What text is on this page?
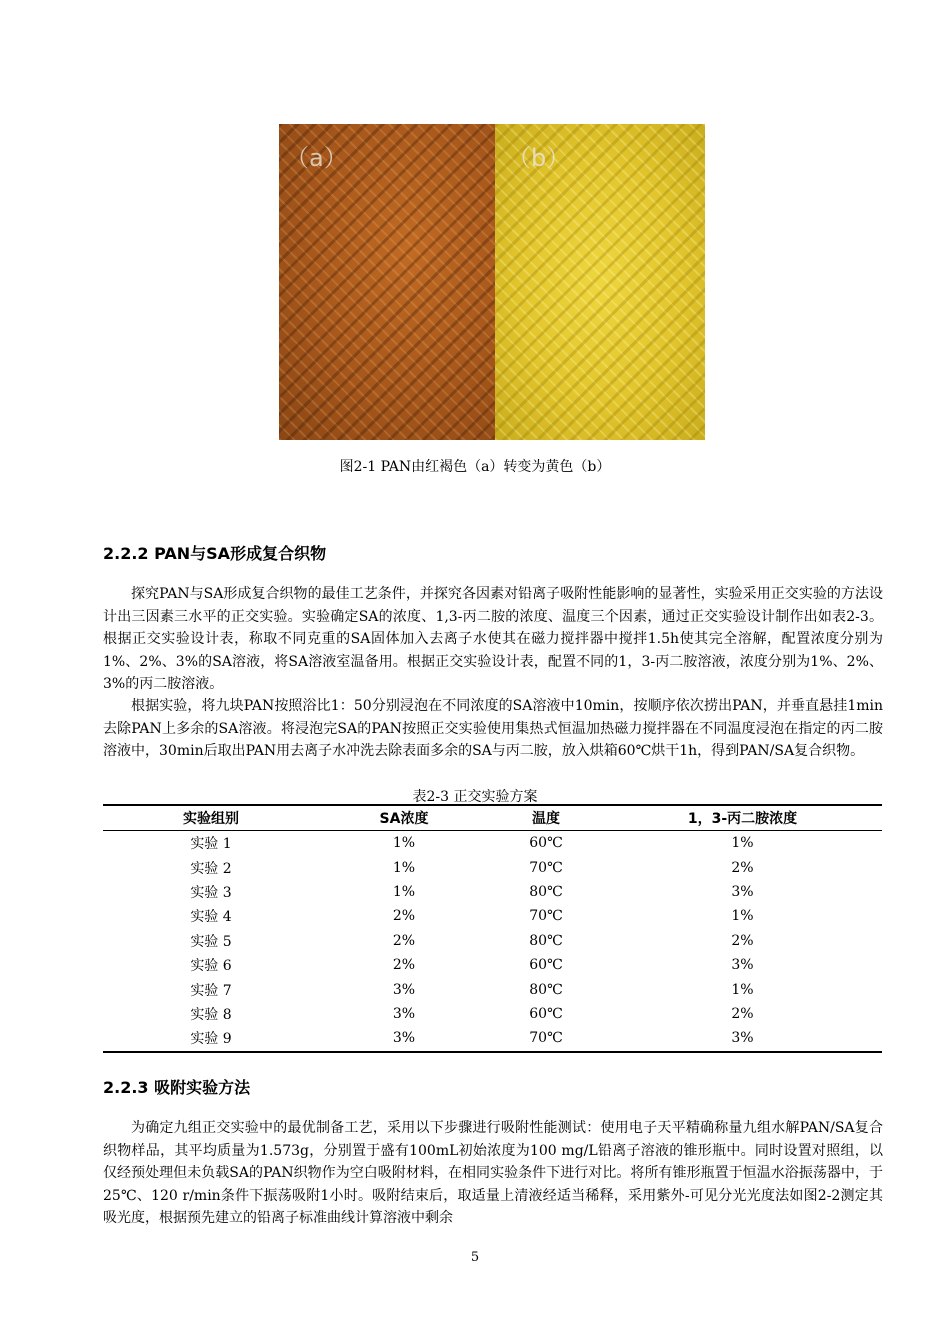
（a）	（b）
图2-1 PAN由红褐色（a）转变为黄色（b）
2.2.2 PAN与SA形成复合织物

探究PAN与SA形成复合织物的最佳工艺条件，并探究各因素对铅离子吸附性能影响的显著性，实验采用正交实验的方法设计出三因素三水平的正交实验。实验确定SA的浓度、1,3-丙二胺的浓度、温度三个因素，通过正交实验设计制作出如表2-3。根据正交实验设计表，称取不同克重的SA固体加入去离子水使其在磁力搅拌器中搅拌1.5h使其完全溶解，配置浓度分别为1%、2%、3%的SA溶液，将SA溶液室温备用。根据正交实验设计表，配置不同的1，3-丙二胺溶液，浓度分别为1%、2%、3%的丙二胺溶液。

根据实验，将九块PAN按照浴比1：50分别浸泡在不同浓度的SA溶液中10min，按顺序依次捞出PAN，并垂直悬挂1min去除PAN上多余的SA溶液。将浸泡完SA的PAN按照正交实验使用集热式恒温加热磁力搅拌器在不同温度浸泡在指定的丙二胺溶液中，30min后取出PAN用去离子水冲洗去除表面多余的SA与丙二胺，放入烘箱60℃烘干1h，得到PAN/SA复合织物。

表2-3 正交实验方案
实验组别	SA浓度	温度	1，3-丙二胺浓度
实验 1	1%	60℃	1%
实验 2	1%	70℃	2%
实验 3	1%	80℃	3%
实验 4	2%	70℃	1%
实验 5	2%	80℃	2%
实验 6	2%	60℃	3%
实验 7	3%	80℃	1%
实验 8	3%	60℃	2%
实验 9	3%	70℃	3%
2.2.3 吸附实验方法

为确定九组正交实验中的最优制备工艺，采用以下步骤进行吸附性能测试：使用电子天平精确称量九组水解PAN/SA复合织物样品，其平均质量为1.573g，分别置于盛有100mL初始浓度为100 mg/L铅离子溶液的锥形瓶中。同时设置对照组，以仅经预处理但未负载SA的PAN织物作为空白吸附材料，在相同实验条件下进行对比。将所有锥形瓶置于恒温水浴振荡器中，于25℃、120 r/min条件下振荡吸附1小时。吸附结束后，取适量上清液经适当稀释，采用紫外-可见分光光度法如图2-2测定其吸光度，根据预先建立的铅离子标准曲线计算溶液中剩余

5
